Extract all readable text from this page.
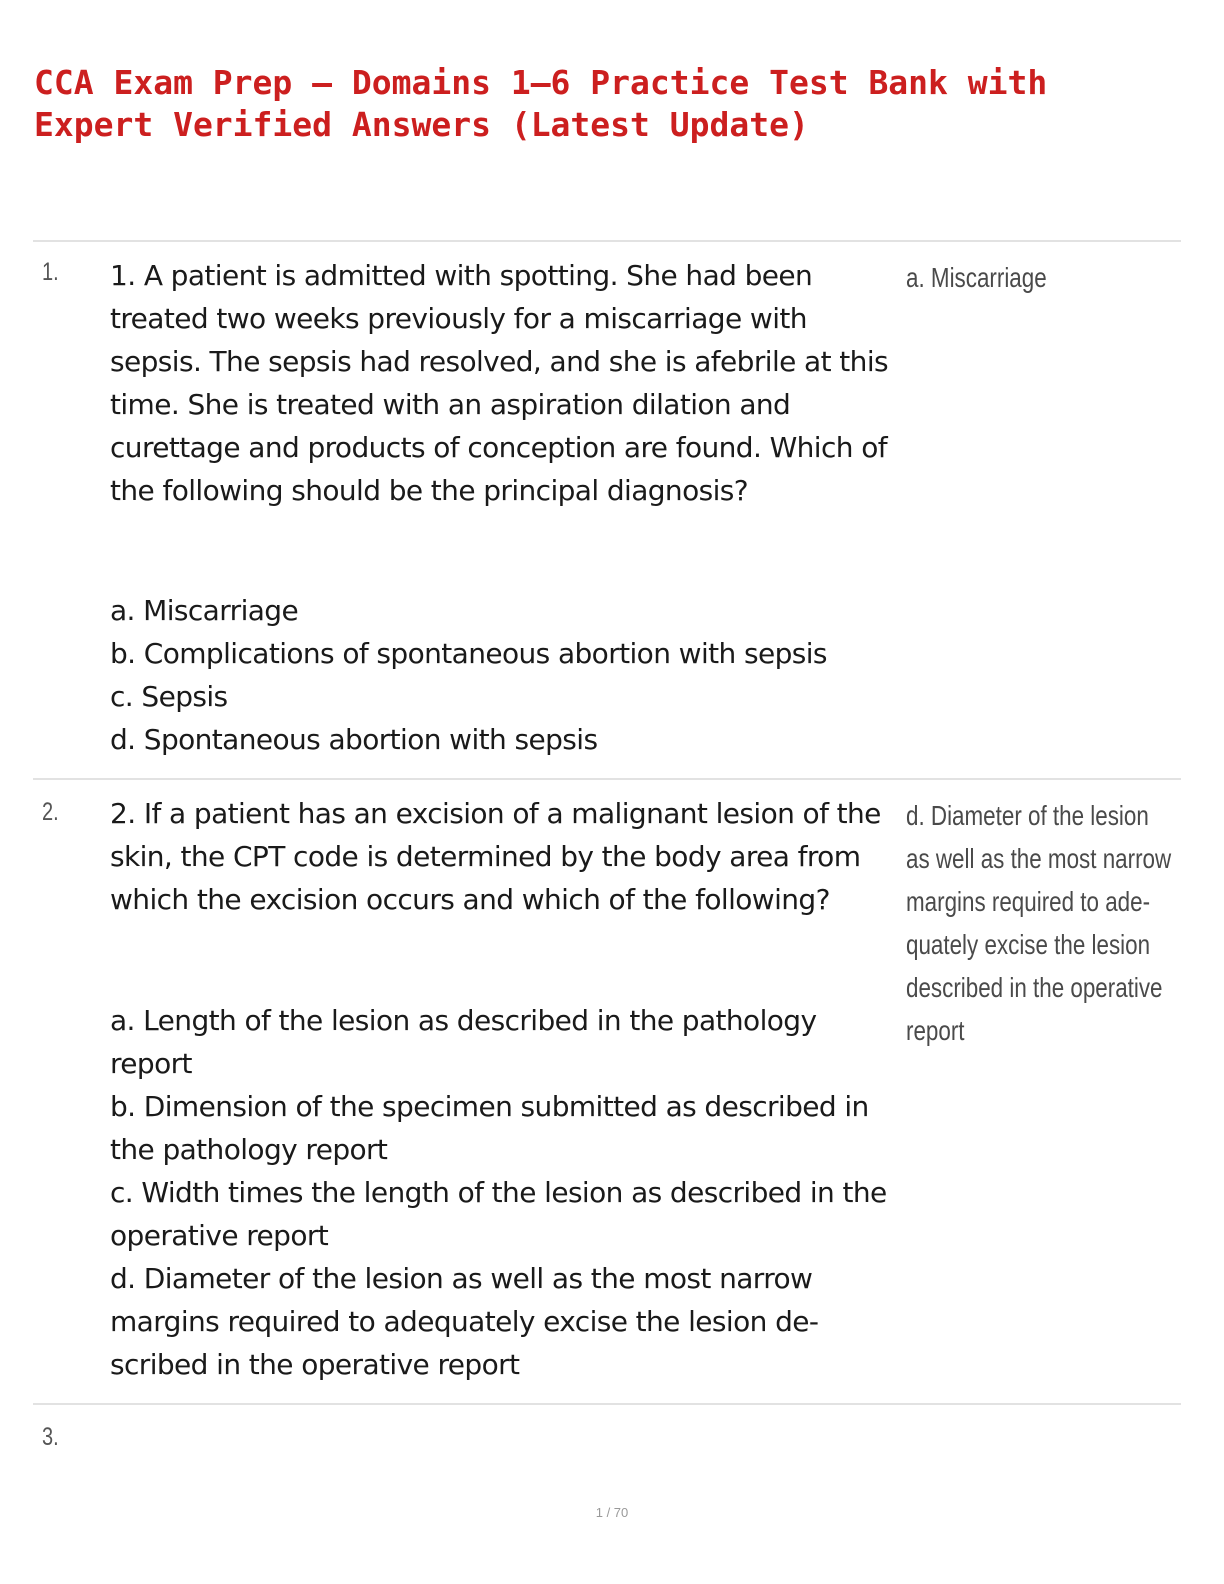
CCA Exam Prep – Domains 1–6 Practice Test Bank with
Expert Verified Answers (Latest Update)
1. 1. A patient is admitted with spotting. She had been treated two weeks previously for a miscarriage with sepsis. The sepsis had resolved, and she is afebrile at this time. She is treated with an aspiration dilation and curettage and products of conception are found. Which of the following should be the principal diagnosis?

a. Miscarriage
b. Complications of spontaneous abortion with sepsis
c. Sepsis
d. Spontaneous abortion with sepsis

a. Miscarriage

2. 2. If a patient has an excision of a malignant lesion of the skin, the CPT code is determined by the body area from which the excision occurs and which of the following?

a. Length of the lesion as described in the pathology report
b. Dimension of the specimen submitted as described in the pathology report
c. Width times the length of the lesion as described in the operative report
d. Diameter of the lesion as well as the most narrow margins required to adequately excise the lesion described in the operative report

d. Diameter of the lesion as well as the most narrow margins required to adequately excise the lesion described in the operative report

3.
1 / 70
